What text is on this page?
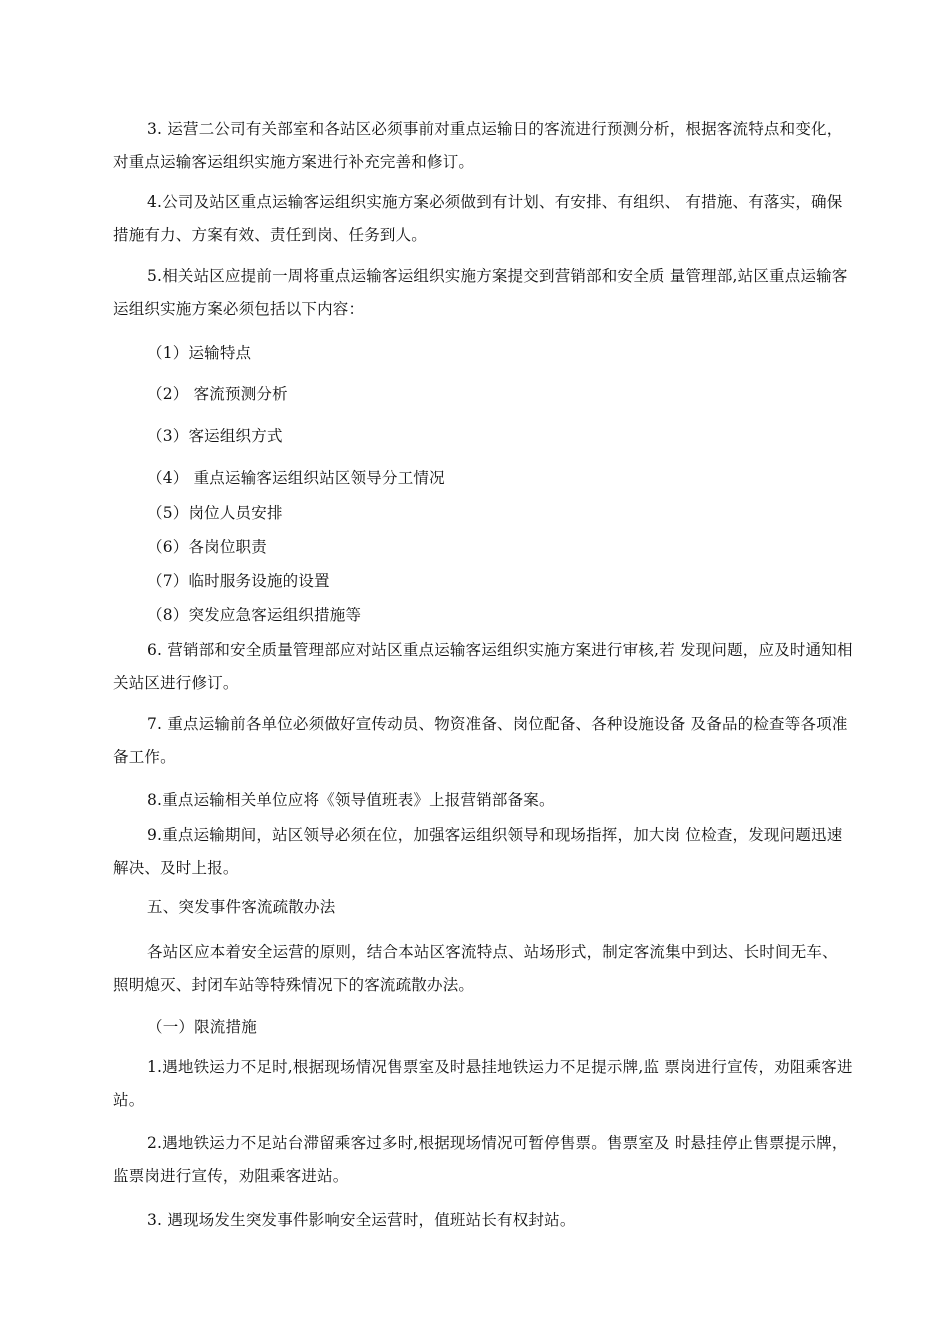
3. 运营二公司有关部室和各站区必须事前对重点运输日的客流进行预测分析，根据客流特点和变化，对重点运输客运组织实施方案进行补充完善和修订。

4.公司及站区重点运输客运组织实施方案必须做到有计划、有安排、有组织、 有措施、有落实，确保措施有力、方案有效、责任到岗、任务到人。

5.相关站区应提前一周将重点运输客运组织实施方案提交到营销部和安全质 量管理部,站区重点运输客运组织实施方案必须包括以下内容：

（1）运输特点

（2） 客流预测分析

（3）客运组织方式

（4） 重点运输客运组织站区领导分工情况

（5）岗位人员安排

（6）各岗位职责

（7）临时服务设施的设置

（8）突发应急客运组织措施等

6. 营销部和安全质量管理部应对站区重点运输客运组织实施方案进行审核,若 发现问题，应及时通知相关站区进行修订。

7. 重点运输前各单位必须做好宣传动员、物资准备、岗位配备、各种设施设备 及备品的检查等各项准备工作。

8.重点运输相关单位应将《领导值班表》上报营销部备案。

9.重点运输期间，站区领导必须在位，加强客运组织领导和现场指挥，加大岗 位检查，发现问题迅速解决、及时上报。

五、突发事件客流疏散办法

各站区应本着安全运营的原则，结合本站区客流特点、站场形式，制定客流集中到达、长时间无车、照明熄灭、封闭车站等特殊情况下的客流疏散办法。

（一）限流措施

1.遇地铁运力不足时,根据现场情况售票室及时悬挂地铁运力不足提示牌,监 票岗进行宣传，劝阻乘客进站。

2.遇地铁运力不足站台滞留乘客过多时,根据现场情况可暂停售票。售票室及 时悬挂停止售票提示牌，监票岗进行宣传，劝阻乘客进站。

3. 遇现场发生突发事件影响安全运营时，值班站长有权封站。
